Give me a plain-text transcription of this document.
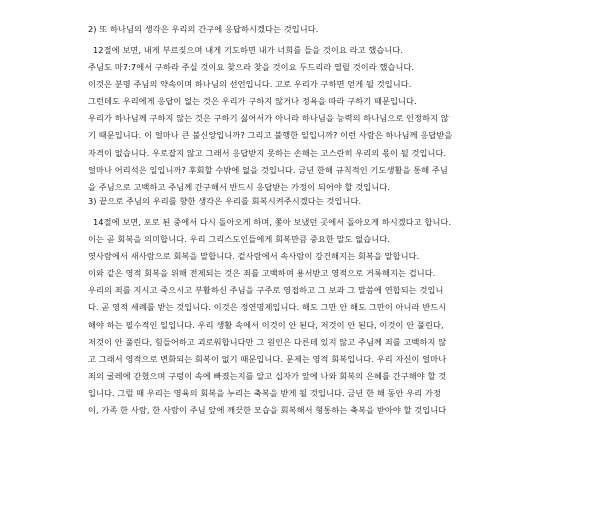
2) 또 하나님의 생각은 우리의 간구에 응답하시겠다는 것입니다.
12절에 보면, 내게 부르짖으며 내게 기도하면 내가 너희를 들을 것이요 라고 했습니다.
주님도 마7:7에서 구하라 주실 것이요 찾으라 찾을 것이요 두드리라 열릴 것이라 했습니다.
이것은 분명 주님의 약속이며 하나님의 선언입니다. 고로 우리가 구하면 얻게 될 것입니다.
그런데도 우리에게 응답이 없는 것은 우리가 구하지 않거나 정욕을 따라 구하기 때문입니다.
우리가 하나님께 구하지 않는 것은 구하기 싫어서가 아니라 하나님을 능력의 하나님으로 인정하지 않
기 때문입니다. 이 얼마나 큰 불신앙입니까? 그리고 불행한 일입니까? 이런 사람은 하나님께 응답받을
자격이 없습니다. 우로잡지 않고 그래서 응답받지 못하는 손해는 고스란히 우리의 몫이 될 것입니다.
얼마나 어리석은 일입니까? 후회할 수밖에 없을 것입니다. 금년 한해 규칙적인 기도생활을 통해 주님
을 주님으로 고백하고 주님께 간구해서 반드시 응답받는 가정이 되어야 할 것입니다.
3) 끝으로 주님의 우리를 향한 생각은 우리를 회복시켜주시겠다는 것입니다.
14절에 보면, 포로 된 중에서 다시 돌아오게 하며, 쫓아 보냈던 곳에서 돌아오게 하시겠다고 합니다.
이는 곧 회복을 의미합니다. 우리 그리스도인들에게 회복만큼 중요한 말도 없습니다.
엿사람에서 새사람으로 회복을 말합니다. 겉사람에서 속사람이 강건해지는 회복을 말합니다.
이와 같은 영적 회복을 위해 전제되는 것은 죄를 고백하며 용서받고 영적으로 거룩해지는 겁니다.
우리의 죄를 지시고 죽으시고 부활하신 주님을 구주로 영접하고 그 보과 그 말씀에 연합되는 것입니
다. 곧 영적 세례를 받는 것입니다. 이것은 정연명제입니다. 해도 그만 안 해도 그만이 아니라 반드시
해야 하는 필수적인 일입니다. 우리 생활 속에서 이것이 안 된다, 저것이 안 된다, 이것이 안 풀린다,
저것이 안 풀린다, 힘들어하고 괴로워합니다만 그 원인은 다른데 있지 않고 주님께 죄를 고백하지 않
고 그래서 영적으로 변화되는 회복이 없기 때문입니다. 문제는 영적 회복입니다. 우리 자신이 얼마나
죄의 굴레에 갇혔으며 구렁이 속에 빠졌는지를 알고 십자가 앞에 나와 회복의 은혜를 간구해야 할 것
입니다. 그럴 때 우리는 영육의 회복을 누리는 축복을 받게 될 것입니다. 금년 한 해 동안 우리 가정
이, 가족 한 사람, 한 사람이 주님 앞에 깨끗한 모습을 회복해서 형통하는 축복을 받아야 할 것입니다
